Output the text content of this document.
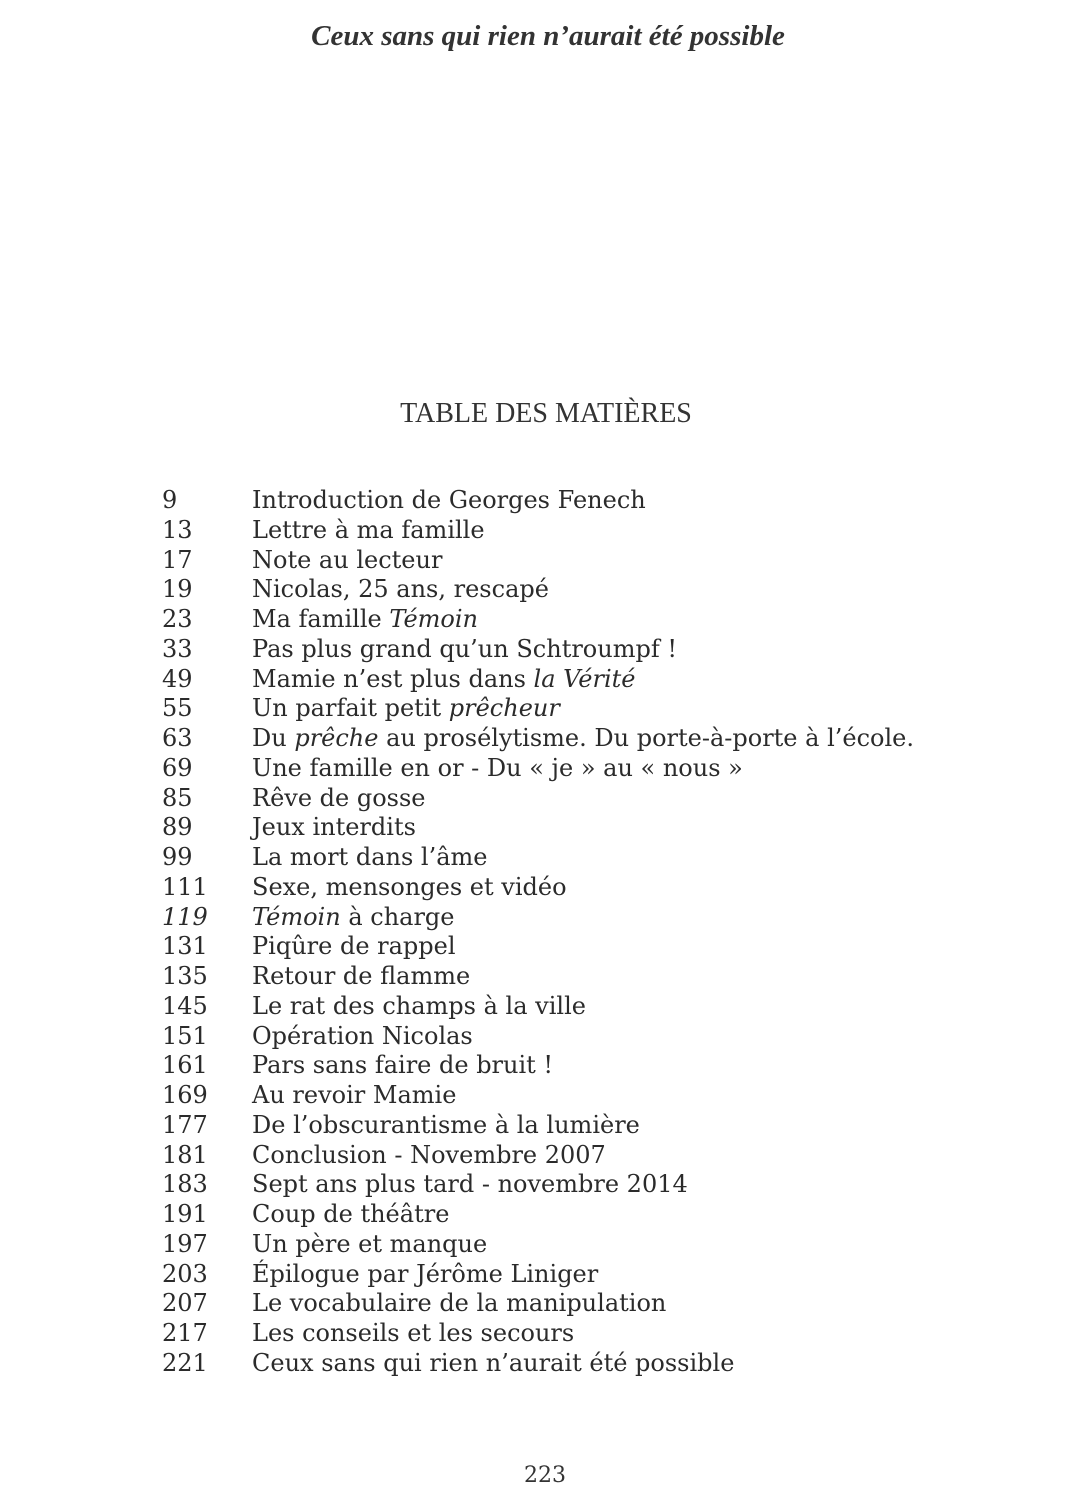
Ceux sans qui rien n’aurait été possible
TABLE DES MATIÈRES
9	Introduction de Georges Fenech
13 Lettre à ma famille
17 Note au lecteur
19 Nicolas, 25 ans, rescapé
23 Ma famille Témoin
33 Pas plus grand qu’un Schtroumpf !
49 Mamie n’est plus dans la Vérité
55 Un parfait petit prêcheur
63 Du prêche au prosélytisme. Du porte-à-porte à l’école.
69 Une famille en or - Du « je » au « nous »
85 Rêve de gosse
89 Jeux interdits
99 La mort dans l’âme
111 Sexe, mensonges et vidéo
119 Témoin à charge
131 Piqûre de rappel
135 Retour de flamme
145 Le rat des champs à la ville
151 Opération Nicolas
161 Pars sans faire de bruit !
169 Au revoir Mamie
177 De l’obscurantisme à la lumière
181 Conclusion - Novembre 2007
183 Sept ans plus tard - novembre 2014
191 Coup de théâtre
197 Un père et manque
203 Épilogue par Jérôme Liniger
207 Le vocabulaire de la manipulation
217 Les conseils et les secours
221 Ceux sans qui rien n’aurait été possible
223
